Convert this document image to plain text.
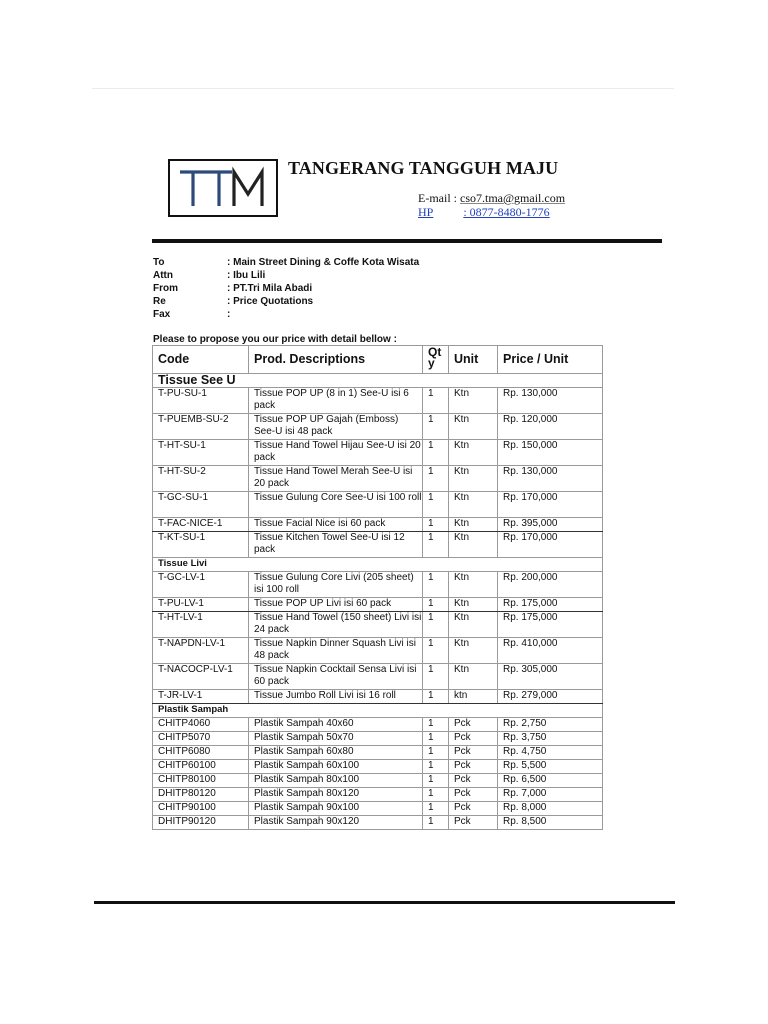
TANGERANG TANGGUH MAJU
E-mail : cso7.tma@gmail.com
HP	: 0877-8480-1776
To	: Main Street Dining & Coffe Kota Wisata
Attn	: Ibu Lili
From	: PT.Tri Mila Abadi
Re	: Price Quotations
Fax	:
Please to propose you our price with detail bellow :
Code	Prod. Descriptions	Qt y	Unit	Price / Unit
Tissue See U				
T-PU-SU-1	Tissue POP UP (8 in 1) See-U isi 6 pack	1	Ktn	Rp. 130,000
T-PUEMB-SU-2	Tissue POP UP Gajah (Emboss) See-U isi 48 pack	1	Ktn	Rp. 120,000
T-HT-SU-1	Tissue Hand Towel Hijau See-U isi 20 pack	1	Ktn	Rp. 150,000
T-HT-SU-2	Tissue Hand Towel Merah See-U isi 20 pack	1	Ktn	Rp. 130,000
T-GC-SU-1	Tissue Gulung Core See-U isi 100 roll	1	Ktn	Rp. 170,000
T-FAC-NICE-1	Tissue Facial Nice isi 60 pack	1	Ktn	Rp. 395,000
T-KT-SU-1	Tissue Kitchen Towel See-U isi 12 pack	1	Ktn	Rp. 170,000
Tissue Livi				
T-GC-LV-1	Tissue Gulung Core Livi (205 sheet) isi 100 roll	1	Ktn	Rp. 200,000
T-PU-LV-1	Tissue POP UP Livi isi 60 pack	1	Ktn	Rp. 175,000
T-HT-LV-1	Tissue Hand Towel (150 sheet) Livi isi 24 pack	1	Ktn	Rp. 175,000
T-NAPDN-LV-1	Tissue Napkin Dinner Squash Livi isi 48 pack	1	Ktn	Rp. 410,000
T-NACOCP-LV-1	Tissue Napkin Cocktail Sensa Livi isi 60 pack	1	Ktn	Rp. 305,000
T-JR-LV-1	Tissue Jumbo Roll Livi isi 16 roll	1	ktn	Rp. 279,000
Plastik Sampah				
CHITP4060	Plastik Sampah 40x60	1	Pck	Rp. 2,750
CHITP5070	Plastik Sampah 50x70	1	Pck	Rp. 3,750
CHITP6080	Plastik Sampah 60x80	1	Pck	Rp. 4,750
CHITP60100	Plastik Sampah 60x100	1	Pck	Rp. 5,500
CHITP80100	Plastik Sampah 80x100	1	Pck	Rp. 6,500
DHITP80120	Plastik Sampah 80x120	1	Pck	Rp. 7,000
CHITP90100	Plastik Sampah 90x100	1	Pck	Rp. 8,000
DHITP90120	Plastik Sampah 90x120	1	Pck	Rp. 8,500
